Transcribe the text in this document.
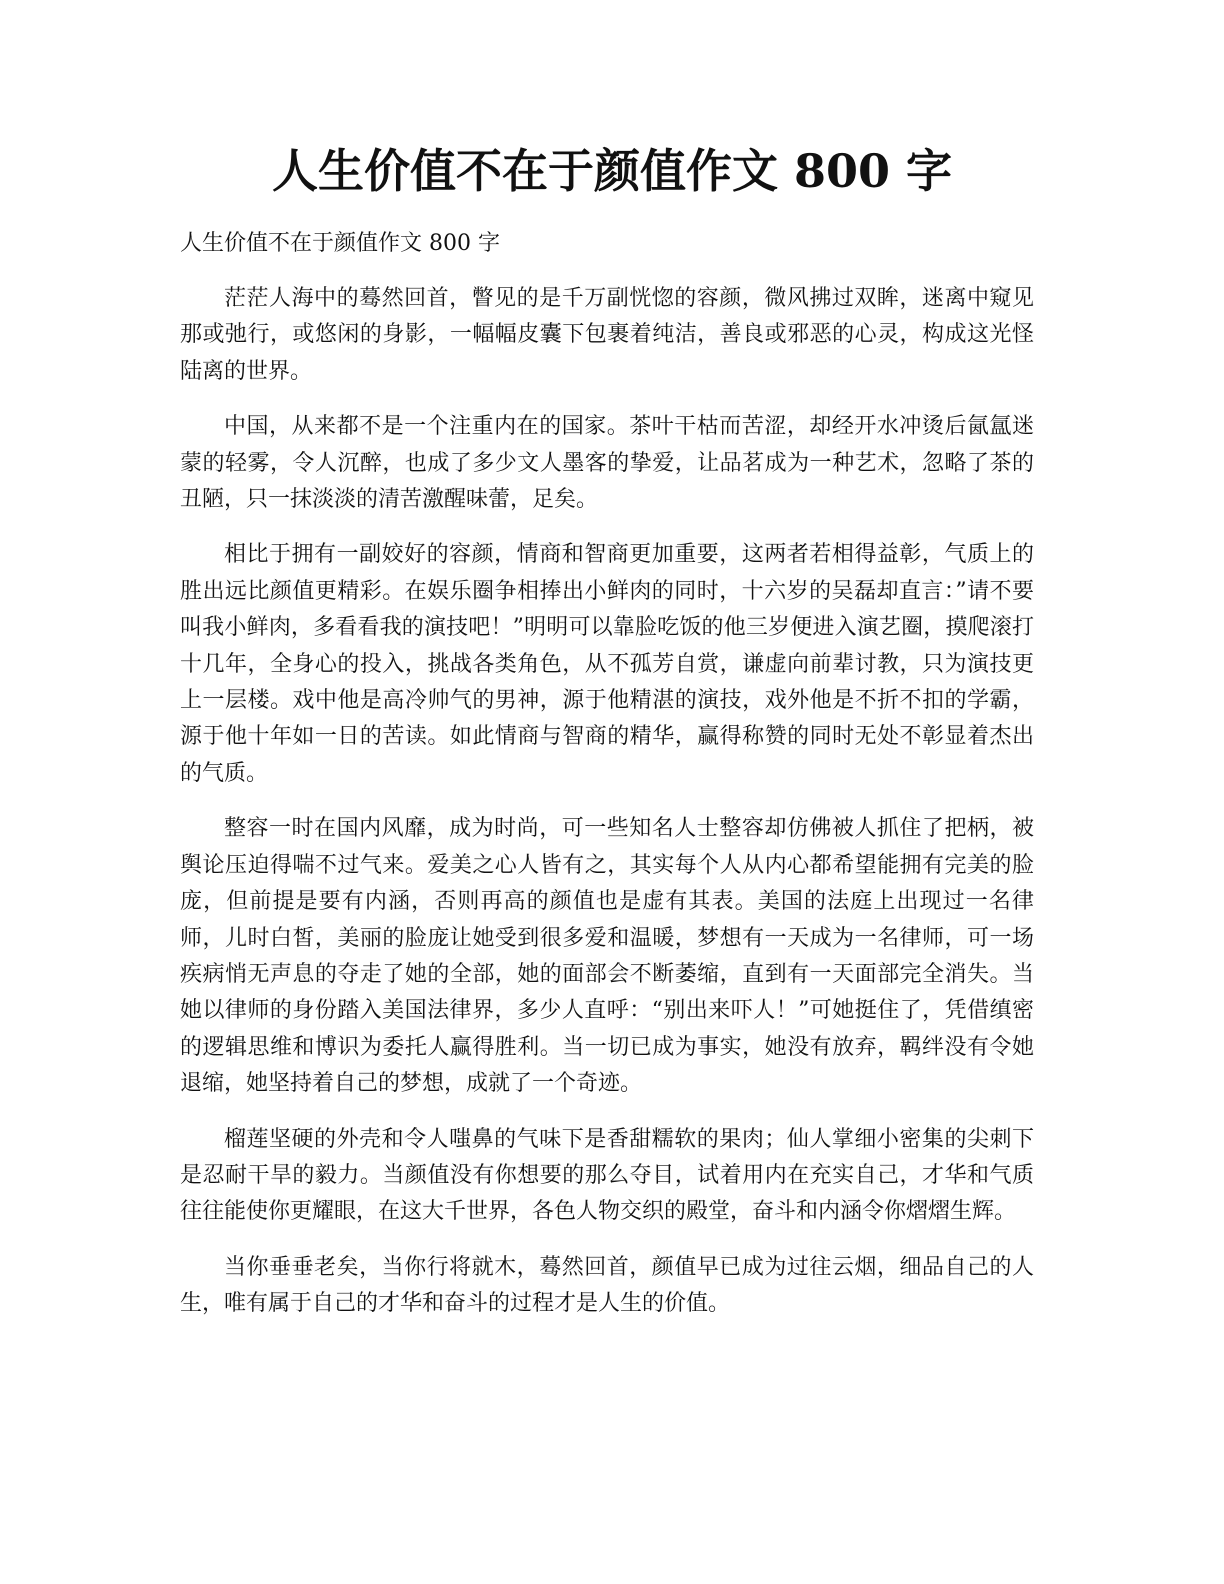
人生价值不在于颜值作文 800 字

人生价值不在于颜值作文 800 字

茫茫人海中的蓦然回首，瞥见的是千万副恍惚的容颜，微风拂过双眸，迷离中窥见那或弛行，或悠闲的身影，一幅幅皮囊下包裹着纯洁，善良或邪恶的心灵，构成这光怪陆离的世界。

中国，从来都不是一个注重内在的国家。茶叶干枯而苦涩，却经开水冲烫后氤氲迷蒙的轻雾，令人沉醉，也成了多少文人墨客的挚爱，让品茗成为一种艺术，忽略了茶的丑陋，只一抹淡淡的清苦激醒味蕾，足矣。

相比于拥有一副姣好的容颜，情商和智商更加重要，这两者若相得益彰，气质上的胜出远比颜值更精彩。在娱乐圈争相捧出小鲜肉的同时，十六岁的吴磊却直言：”请不要叫我小鲜肉，多看看我的演技吧！”明明可以靠脸吃饭的他三岁便进入演艺圈，摸爬滚打十几年，全身心的投入，挑战各类角色，从不孤芳自赏，谦虚向前辈讨教，只为演技更上一层楼。戏中他是高冷帅气的男神，源于他精湛的演技，戏外他是不折不扣的学霸，源于他十年如一日的苦读。如此情商与智商的精华，赢得称赞的同时无处不彰显着杰出的气质。

整容一时在国内风靡，成为时尚，可一些知名人士整容却仿佛被人抓住了把柄，被舆论压迫得喘不过气来。爱美之心人皆有之，其实每个人从内心都希望能拥有完美的脸庞，但前提是要有内涵，否则再高的颜值也是虚有其表。美国的法庭上出现过一名律师，儿时白皙，美丽的脸庞让她受到很多爱和温暖，梦想有一天成为一名律师，可一场疾病悄无声息的夺走了她的全部，她的面部会不断萎缩，直到有一天面部完全消失。当她以律师的身份踏入美国法律界，多少人直呼：“别出来吓人！”可她挺住了，凭借缜密的逻辑思维和博识为委托人赢得胜利。当一切已成为事实，她没有放弃，羁绊没有令她退缩，她坚持着自己的梦想，成就了一个奇迹。

榴莲坚硬的外壳和令人嗤鼻的气味下是香甜糯软的果肉；仙人掌细小密集的尖刺下是忍耐干旱的毅力。当颜值没有你想要的那么夺目，试着用内在充实自己，才华和气质往往能使你更耀眼，在这大千世界，各色人物交织的殿堂，奋斗和内涵令你熠熠生辉。

当你垂垂老矣，当你行将就木，蓦然回首，颜值早已成为过往云烟，细品自己的人生，唯有属于自己的才华和奋斗的过程才是人生的价值。
